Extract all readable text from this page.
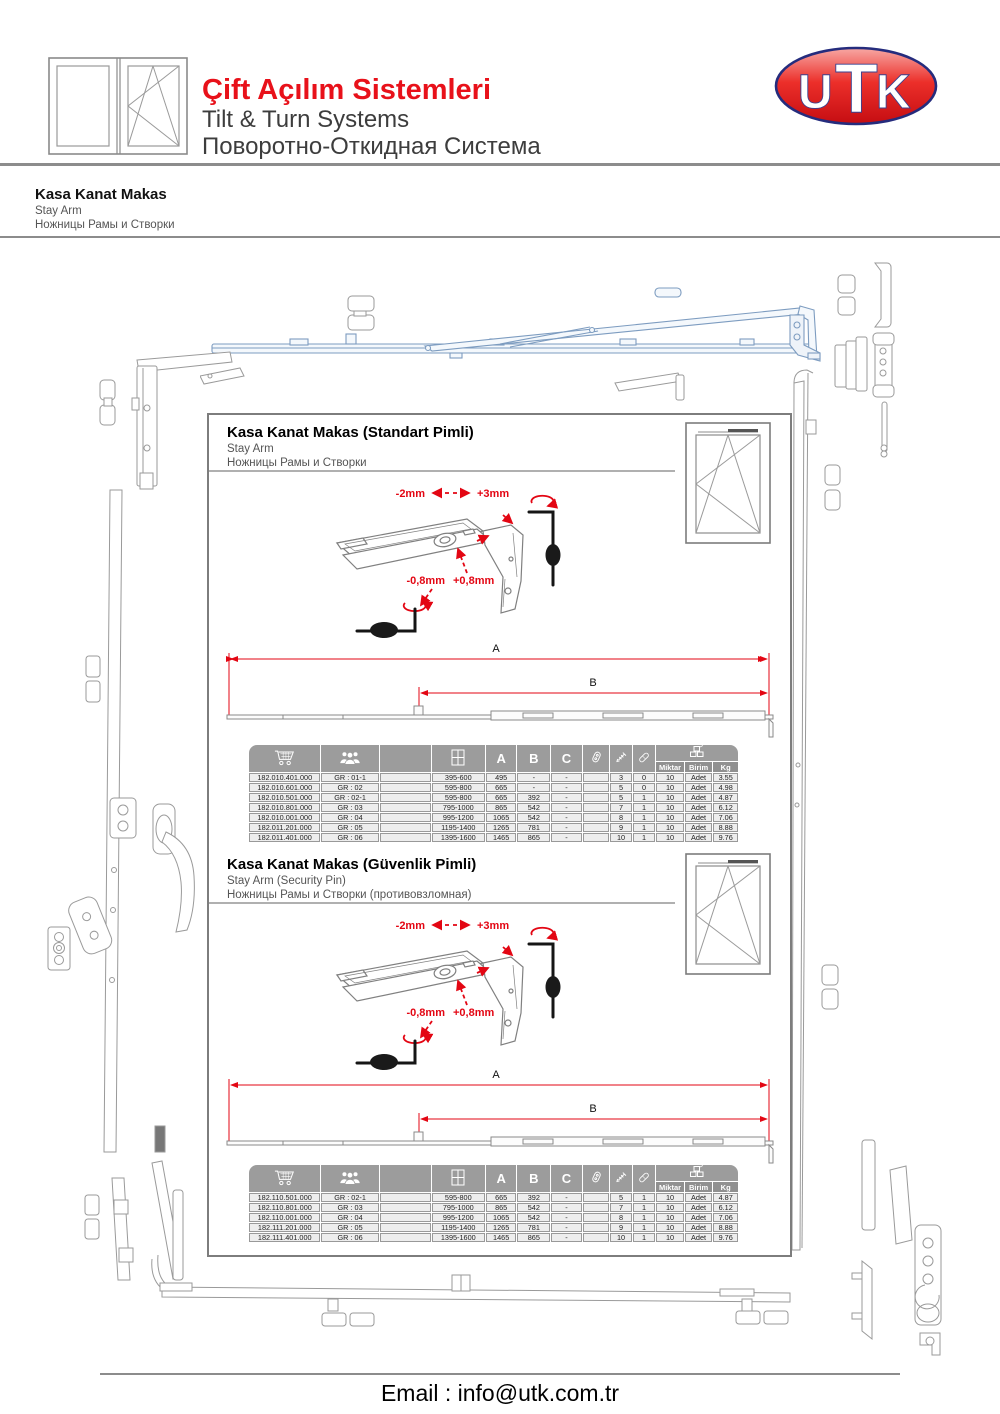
Çift Açılım Sistemleri
Tilt & Turn Systems
Поворотно-Откидная Система
U T
K
Kasa Kanat Makas
Stay Arm
Ножницы Рамы и Створки
Kasa Kanat Makas (Standart Pimli)
Stay Arm
Ножницы Рамы и Створки
-2mm	+3mm
-0,8mm +0,8mm
A
B
				A	B	C				
										Miktar	Birim	Kg
182.010.401.000	GR : 01-1		395-600	495	-	-		3	0	10	Adet	3.55
182.010.601.000	GR : 02		595-800	665	-	-		5	0	10	Adet	4.98
182.010.501.000	GR : 02-1		595-800	665	392	-		5	1	10	Adet	4.87
182.010.801.000	GR : 03		795-1000	865	542	-		7	1	10	Adet	6.12
182.010.001.000	GR : 04		995-1200	1065	542	-		8	1	10	Adet	7.06
182.011.201.000	GR : 05		1195-1400	1265	781	-		9	1	10	Adet	8.88
182.011.401.000	GR : 06		1395-1600	1465	865	-		10	1	10	Adet	9.76
Kasa Kanat Makas (Güvenlik Pimli)
Stay Arm (Security Pin)
Ножницы Рамы и Створки (противовзломная)
-2mm	+3mm
-0,8mm +0,8mm
A
B
				A	B	C				
										Miktar	Birim	Kg
182.110.501.000	GR : 02-1		595-800	665	392	-		5	1	10	Adet	4.87
182.110.801.000	GR : 03		795-1000	865	542	-		7	1	10	Adet	6.12
182.110.001.000	GR : 04		995-1200	1065	542	-		8	1	10	Adet	7.06
182.111.201.000	GR : 05		1195-1400	1265	781	-		9	1	10	Adet	8.88
182.111.401.000	GR : 06		1395-1600	1465	865	-		10	1	10	Adet	9.76
Email : info@utk.com.tr
